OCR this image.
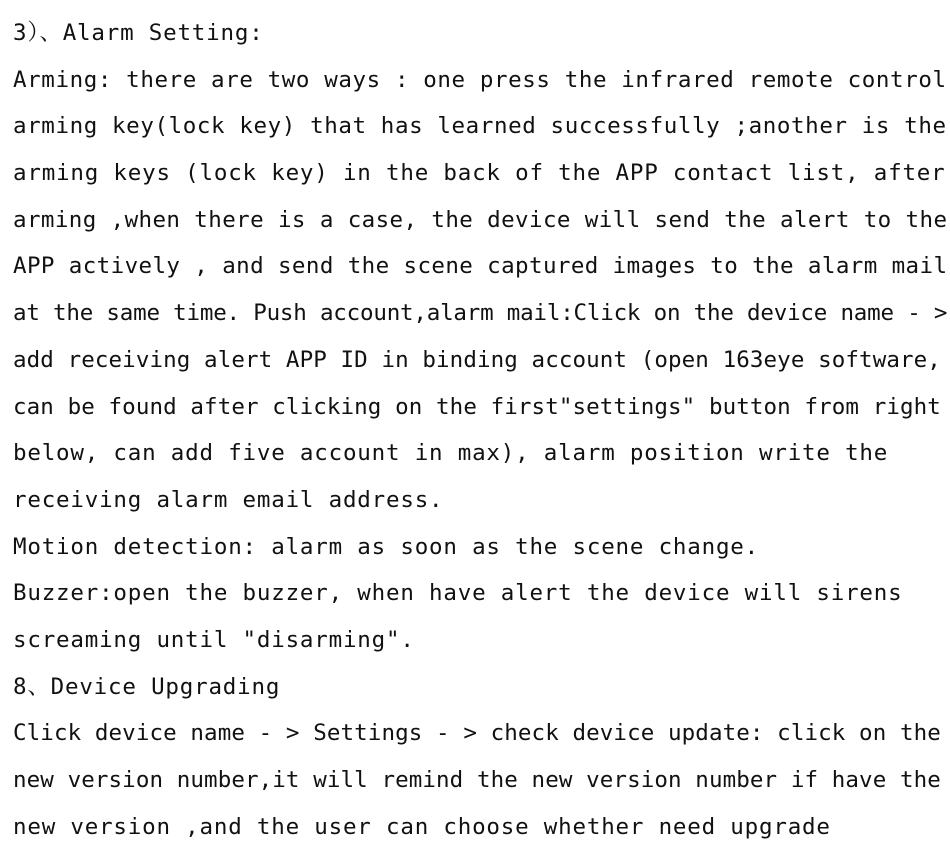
3）、Alarm Setting:
Arming: there are two ways : one press the infrared remote control
arming key(lock key) that has learned successfully ;another is the
arming keys (lock key) in the back of the APP contact list, after
arming ,when there is a case, the device will send the alert to the
APP actively , and send the scene captured images to the alarm mail
at the same time. Push account,alarm mail:Click on the device name - >
add receiving alert APP ID in binding account (open 163eye software,
can be found after clicking on the first"settings" button from right
below, can add five account in max), alarm position write the
receiving alarm email address.
Motion detection: alarm as soon as the scene change.
Buzzer:open the buzzer, when have alert the device will sirens
screaming until "disarming".
8、Device Upgrading
Click device name - > Settings - > check device update: click on the
new version number,it will remind the new version number if have the
new version ,and the user can choose whether need upgrade
